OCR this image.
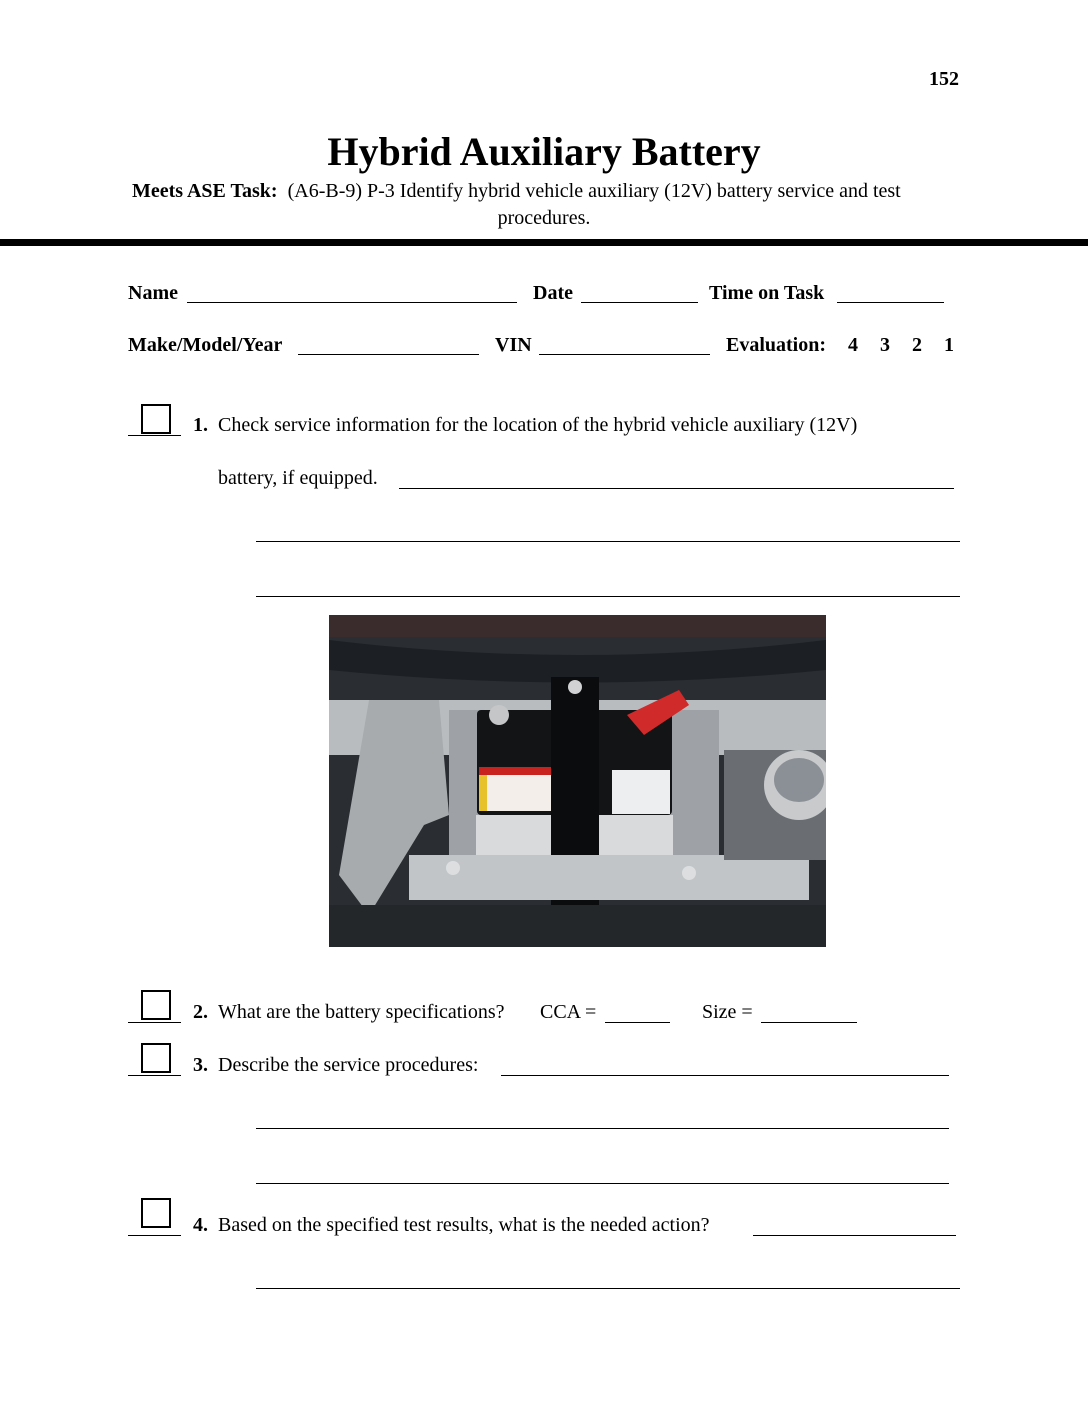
152
Hybrid Auxiliary Battery
Meets ASE Task: (A6-B-9) P-3 Identify hybrid vehicle auxiliary (12V) battery service and test
procedures.
Name	Date	Time on Task
Make/Model/Year	VIN	Evaluation: 4 3 2 1
1. Check service information for the location of the hybrid vehicle auxiliary (12V)
battery, if equipped.
2. What are the battery specifications? CCA =	Size =
3. Describe the service procedures:
4. Based on the specified test results, what is the needed action?
